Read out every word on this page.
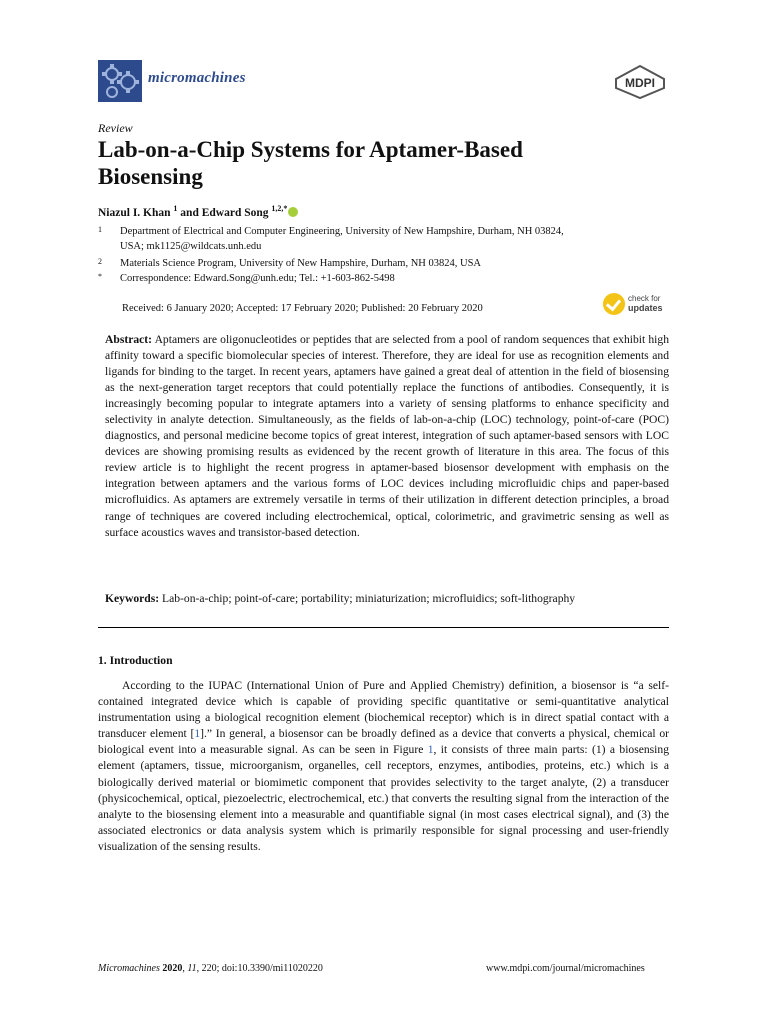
micromachines	MDPI
Review
Lab-on-a-Chip Systems for Aptamer-Based Biosensing
Niazul I. Khan $^1$ and Edward Song $^{1,2,*}$
1 Department of Electrical and Computer Engineering, University of New Hampshire, Durham, NH 03824, USA; mk1125@wildcats.unh.edu
2 Materials Science Program, University of New Hampshire, Durham, NH 03824, USA
* Correspondence: Edward.Song@unh.edu; Tel.: +1-603-862-5498
Received: 6 January 2020; Accepted: 17 February 2020; Published: 20 February 2020
check for
updates
Abstract: Aptamers are oligonucleotides or peptides that are selected from a pool of random sequences that exhibit high affinity toward a specific biomolecular species of interest. Therefore, they are ideal for use as recognition elements and ligands for binding to the target. In recent years, aptamers have gained a great deal of attention in the field of biosensing as the next-generation target receptors that could potentially replace the functions of antibodies. Consequently, it is increasingly becoming popular to integrate aptamers into a variety of sensing platforms to enhance specificity and selectivity in analyte detection. Simultaneously, as the fields of lab-on-a-chip (LOC) technology, point-of-care (POC) diagnostics, and personal medicine become topics of great interest, integration of such aptamer-based sensors with LOC devices are showing promising results as evidenced by the recent growth of literature in this area. The focus of this review article is to highlight the recent progress in aptamer-based biosensor development with emphasis on the integration between aptamers and the various forms of LOC devices including microfluidic chips and paper-based microfluidics. As aptamers are extremely versatile in terms of their utilization in different detection principles, a broad range of techniques are covered including electrochemical, optical, colorimetric, and gravimetric sensing as well as surface acoustics waves and transistor-based detection.
Keywords: Lab-on-a-chip; point-of-care; portability; miniaturization; microfluidics; soft-lithography
1. Introduction
According to the IUPAC (International Union of Pure and Applied Chemistry) definition, a biosensor is “a self-contained integrated device which is capable of providing specific quantitative or semi-quantitative analytical instrumentation using a biological recognition element (biochemical receptor) which is in direct spatial contact with a transducer element [1].” In general, a biosensor can be broadly defined as a device that converts a physical, chemical or biological event into a measurable signal. As can be seen in Figure 1, it consists of three main parts: (1) a biosensing element (aptamers, tissue, microorganism, organelles, cell receptors, enzymes, antibodies, proteins, etc.) which is a biologically derived material or biomimetic component that provides selectivity to the target analyte, (2) a transducer (physicochemical, optical, piezoelectric, electrochemical, etc.) that converts the resulting signal from the interaction of the analyte to the biosensing element into a measurable and quantifiable signal (in most cases electrical signal), and (3) the associated electronics or data analysis system which is primarily responsible for signal processing and user-friendly visualization of the sensing results.
Micromachines 2020, 11, 220; doi:10.3390/mi11020220	www.mdpi.com/journal/micromachines
